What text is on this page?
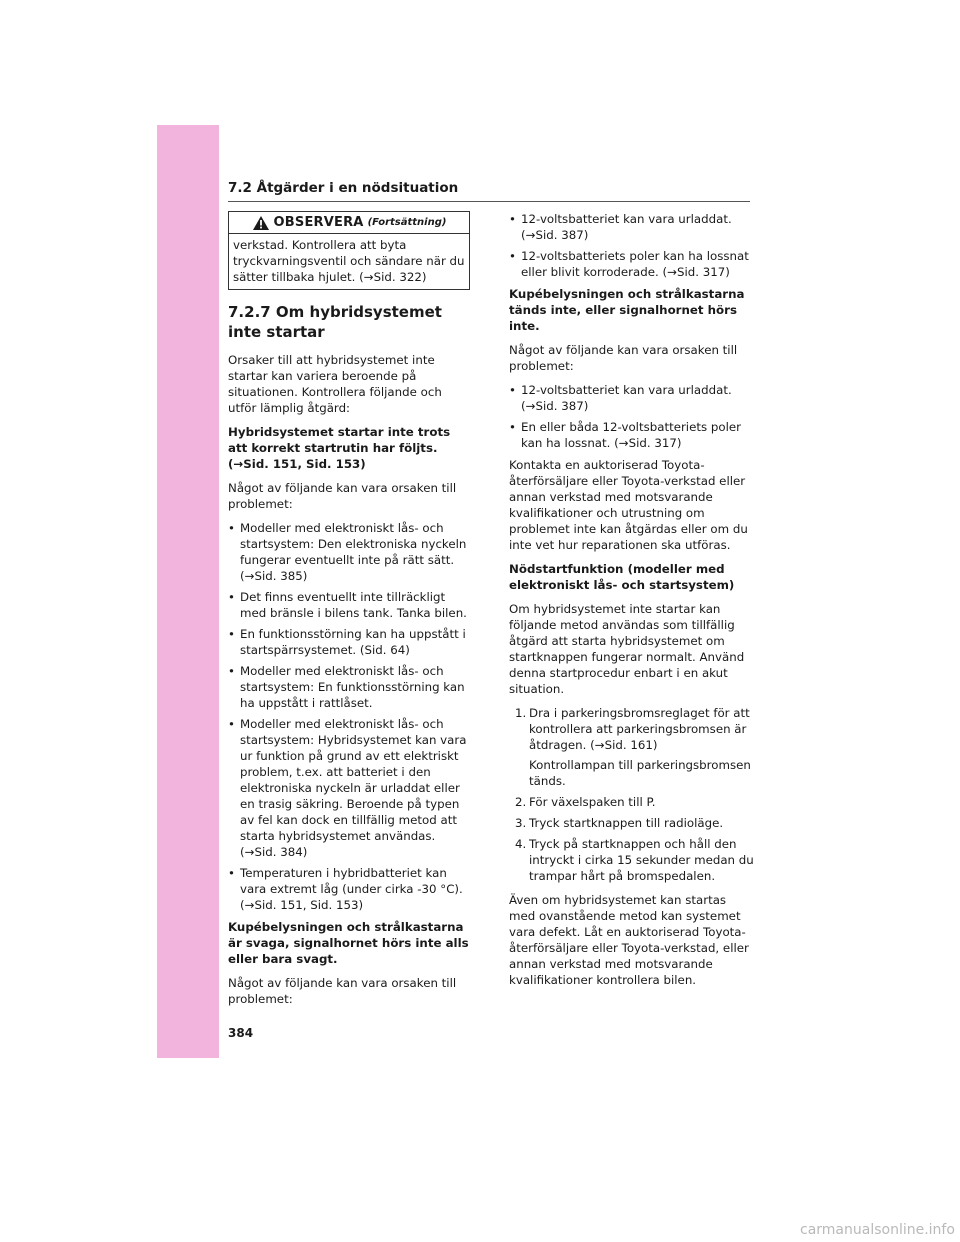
7.2 Åtgärder i en nödsituation
OBSERVERA (Fortsättning)
verkstad. Kontrollera att byta tryckvarningsventil och sändare när du sätter tillbaka hjulet. (→Sid. 322)
7.2.7 Om hybridsystemet inte startar

Orsaker till att hybridsystemet inte startar kan variera beroende på situationen. Kontrollera följande och utför lämplig åtgärd:

Hybridsystemet startar inte trots att korrekt startrutin har följts. (→Sid. 151, Sid. 153)

Något av följande kan vara orsaken till problemet:

• Modeller med elektroniskt lås- och startsystem: Den elektroniska nyckeln fungerar eventuellt inte på rätt sätt. (→Sid. 385)
• Det finns eventuellt inte tillräckligt med bränsle i bilens tank. Tanka bilen.
• En funktionsstörning kan ha uppstått i startspärrsystemet. (Sid. 64)
• Modeller med elektroniskt lås- och startsystem: En funktionsstörning kan ha uppstått i rattlåset.
• Modeller med elektroniskt lås- och startsystem: Hybridsystemet kan vara ur funktion på grund av ett elektriskt problem, t.ex. att batteriet i den elektroniska nyckeln är urladdat eller en trasig säkring. Beroende på typen av fel kan dock en tillfällig metod att starta hybridsystemet användas. (→Sid. 384)
• Temperaturen i hybridbatteriet kan vara extremt låg (under cirka -30 °C). (→Sid. 151, Sid. 153)

Kupébelysningen och strålkastarna är svaga, signalhornet hörs inte alls eller bara svagt.

Något av följande kan vara orsaken till problemet:

• 12-voltsbatteriet kan vara urladdat. (→Sid. 387)
• 12-voltsbatteriets poler kan ha lossnat eller blivit korroderade. (→Sid. 317)

Kupébelysningen och strålkastarna tänds inte, eller signalhornet hörs inte.

Något av följande kan vara orsaken till problemet:

• 12-voltsbatteriet kan vara urladdat. (→Sid. 387)
• En eller båda 12-voltsbatteriets poler kan ha lossnat. (→Sid. 317)

Kontakta en auktoriserad Toyota-återförsäljare eller Toyota-verkstad eller annan verkstad med motsvarande kvalifikationer och utrustning om problemet inte kan åtgärdas eller om du inte vet hur reparationen ska utföras.

Nödstartfunktion (modeller med elektroniskt lås- och startsystem)

Om hybridsystemet inte startar kan följande metod användas som tillfällig åtgärd att starta hybridsystemet om startknappen fungerar normalt. Använd denna startprocedur enbart i en akut situation.

1. Dra i parkeringsbromsreglaget för att kontrollera att parkeringsbromsen är åtdragen. (→Sid. 161)
Kontrollampan till parkeringsbromsen tänds.
2. För växelspaken till P.
3. Tryck startknappen till radioläge.
4. Tryck på startknappen och håll den intryckt i cirka 15 sekunder medan du trampar hårt på bromspedalen.

Även om hybridsystemet kan startas med ovanstående metod kan systemet vara defekt. Låt en auktoriserad Toyota-återförsäljare eller Toyota-verkstad, eller annan verkstad med motsvarande kvalifikationer kontrollera bilen.

384
carmanualsonline.info
